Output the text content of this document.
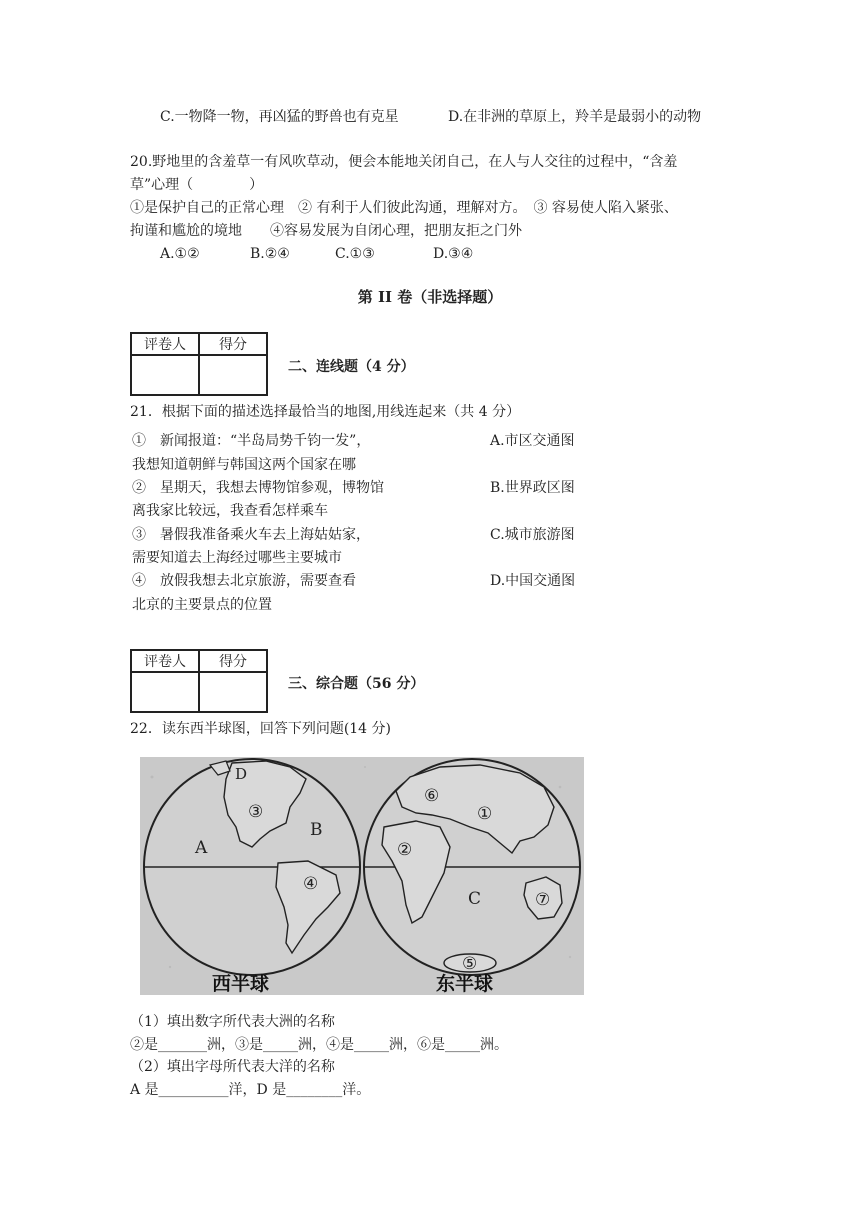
C.一物降一物，再凶猛的野兽也有克星	D.在非洲的草原上，羚羊是最弱小的动物
20.野地里的含羞草一有风吹草动，便会本能地关闭自己，在人与人交往的过程中，“含羞
草”心理（　　　　）
①是保护自己的正常心理　② 有利于人们彼此沟通，理解对方。　③ 容易使人陷入紧张、
拘谨和尴尬的境地　　④容易发展为自闭心理，把朋友拒之门外
A.①②	B.②④	C.①③	D.③④
第 II 卷（非选择题）
评卷人	得分

二、连线题（4 分）
21．根据下面的描述选择最恰当的地图,用线连起来（共 4 分）
①　新闻报道：“半岛局势千钧一发”，	A.市区交通图
我想知道朝鲜与韩国这两个国家在哪
②　星期天，我想去博物馆参观，博物馆	B.世界政区图
离我家比较远，我查看怎样乘车
③　暑假我准备乘火车去上海姑姑家，	C.城市旅游图
需要知道去上海经过哪些主要城市
④　放假我想去北京旅游，需要查看	D.中国交通图
北京的主要景点的位置
评卷人	得分

三、综合题（56 分）
22．读东西半球图，回答下列问题(14 分)
A
B
D
③
④
①
②
⑥
⑦
⑤
C
西半球	东半球
（1）填出数字所代表大洲的名称
②是_______洲，③是_____洲，④是_____洲，⑥是_____洲。
（2）填出字母所代表大洋的名称
A 是__________洋，D 是________洋。
